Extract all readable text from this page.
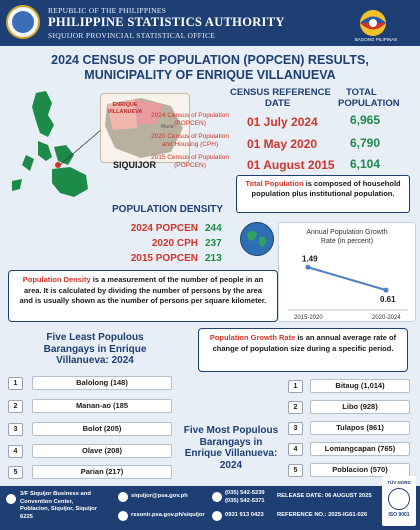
REPUBLIC OF THE PHILIPPINES
PHILIPPINE STATISTICS AUTHORITY
SIQUIJOR PROVINCIAL STATISTICAL OFFICE	BAGONG PILIPINAS
2024 CENSUS OF POPULATION (POPCEN) RESULTS,
MUNICIPALITY OF ENRIQUE VILLANUEVA
ENRIQUE
VILLANUEVA
Maria
SIQUIJOR
CENSUS REFERENCE
DATE
TOTAL
POPULATION
2024 Census of Population
(POPCEN)	01 July 2024	6,965
2020 Census of Population
and Housing (CPH)	01 May 2020	6,790
2015 Census of Population
(POPCEN)	01 August 2015 6,104
Total Population is composed of household population plus institutional population.
POPULATION DENSITY
2024 POPCEN 244
2020 CPH 237
2015 POPCEN 213
Annual Population Growth
Rate (in percent)
1.49
0.61
2015-2020	2020-2024
Population Density is a measurement of the number of people in an area. It is calculated by dividing the number of persons by the area and is usually shown as the number of persons per square kilometer.
Population Growth Rate is an annual average rate of change of population size during a specific period.
Five Least Populous
Barangays in Enrique
Villanueva: 2024
1	Balolong (148)
2	Manan-ao (185
3	Bolot (205)
4	Olave (208)
5	Parian (217)
Five Most Populous
Barangays in
Enrique Villanueva:
2024
1	Bitaug (1,014)
2	Libo (928)
3	Tulapos (861)
4	Lomangcapan (765)
5	Poblacion (570)
3/F Siquijor Business and
Convention Center,
Poblacion, Siquijor, Siquijor
6225
siquijor@psa.gov.ph
rssonir.psa.gov.ph/siquijor
(035) 542-5239
(035) 542-5371
0931 913 0423
RELEASE DATE: 06 AUGUST 2025
REFERENCE NO.: 2025-IG61-026
TÜV NORD
ISO 9001
